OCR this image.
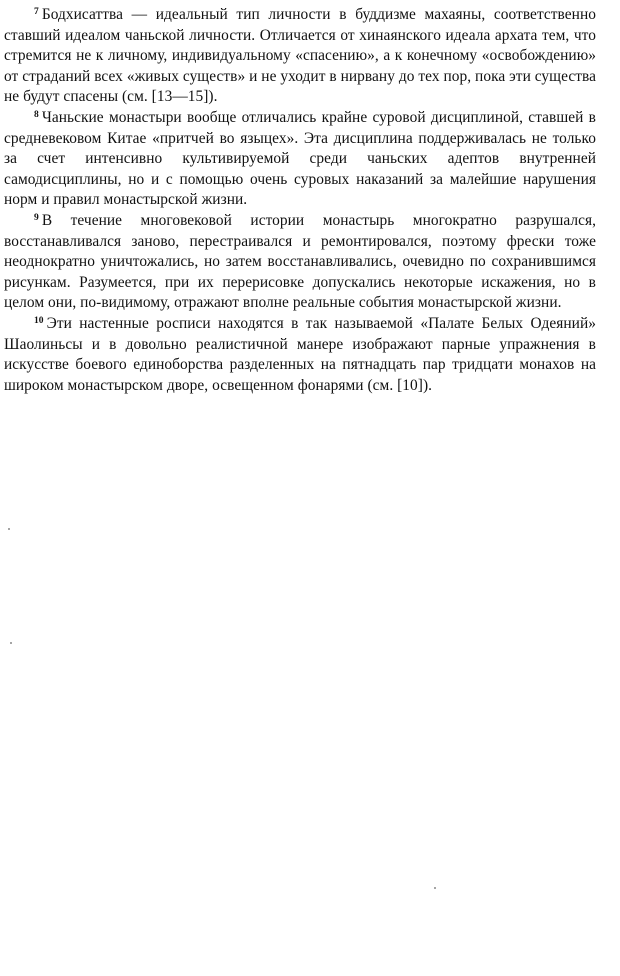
$^7$ Бодхисаттва — идеальный тип личности в буддизме махаяны, соответственно ставший идеалом чаньской личности. Отличается от хинаянского идеала архата тем, что стремится не к личному, индивидуальному «спасению», а к конечному «освобождению» от страданий всех «живых существ» и не уходит в нирвану до тех пор, пока эти существа не будут спасены (см. [13—15]).

$^8$ Чаньские монастыри вообще отличались крайне суровой дисциплиной, ставшей в средневековом Китае «притчей во языцех». Эта дисциплина поддерживалась не только за счет интенсивно культивируемой среди чаньских адептов внутренней самодисциплины, но и с помощью очень суровых наказаний за малейшие нарушения норм и правил монастырской жизни.

$^9$ В течение многовековой истории монастырь многократно разрушался, восстанавливался заново, перестраивался и ремонтировался, поэтому фрески тоже неоднократно уничтожались, но затем восстанавливались, очевидно по сохранившимся рисункам. Разумеется, при их перерисовке допускались некоторые искажения, но в целом они, по-видимому, отражают вполне реальные события монастырской жизни.

$^{10}$ Эти настенные росписи находятся в так называемой «Палате Белых Одеяний» Шаолиньсы и в довольно реалистичной манере изображают парные упражнения в искусстве боевого единоборства разделенных на пятнадцать пар тридцати монахов на широком монастырском дворе, освещенном фонарями (см. [10]).
